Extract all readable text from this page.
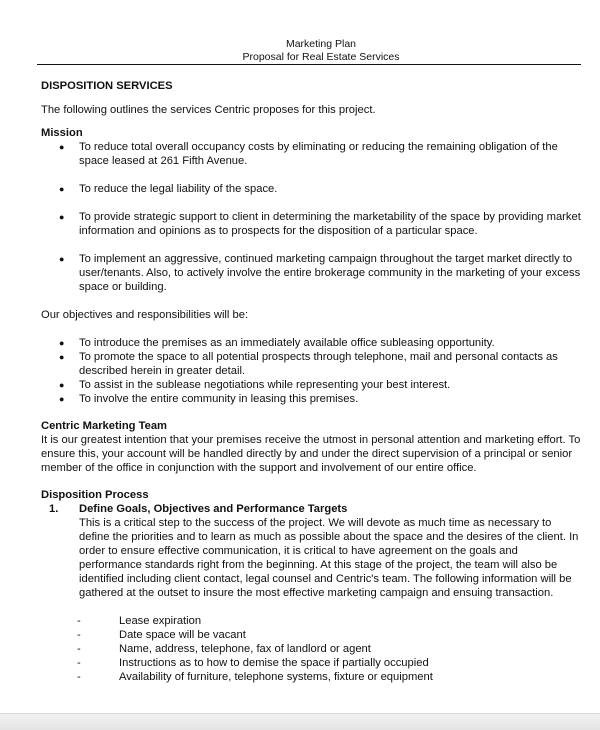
Marketing Plan
Proposal for Real Estate Services

DISPOSITION SERVICES

The following outlines the services Centric proposes for this project.

Mission

● To reduce total overall occupancy costs by eliminating or reducing the remaining obligation of the space leased at 261 Fifth Avenue.
● To reduce the legal liability of the space.
● To provide strategic support to client in determining the marketability of the space by providing market information and opinions as to prospects for the disposition of a particular space.
● To implement an aggressive, continued marketing campaign throughout the target market directly to user/tenants. Also, to actively involve the entire brokerage community in the marketing of your excess space or building.

Our objectives and responsibilities will be:

● To introduce the premises as an immediately available office subleasing opportunity.
● To promote the space to all potential prospects through telephone, mail and personal contacts as described herein in greater detail.
● To assist in the sublease negotiations while representing your best interest.
● To involve the entire community in leasing this premises.

Centric Marketing Team

It is our greatest intention that your premises receive the utmost in personal attention and marketing effort. To ensure this, your account will be handled directly by and under the direct supervision of a principal or senior member of the office in conjunction with the support and involvement of our entire office.

Disposition Process

1. Define Goals, Objectives and Performance Targets

This is a critical step to the success of the project. We will devote as much time as necessary to define the priorities and to learn as much as possible about the space and the desires of the client. In order to ensure effective communication, it is critical to have agreement on the goals and performance standards right from the beginning. At this stage of the project, the team will also be identified including client contact, legal counsel and Centric's team. The following information will be gathered at the outset to insure the most effective marketing campaign and ensuing transaction.

-	Lease expiration
-	Date space will be vacant
-	Name, address, telephone, fax of landlord or agent
-	Instructions as to how to demise the space if partially occupied
-	Availability of furniture, telephone systems, fixture or equipment
